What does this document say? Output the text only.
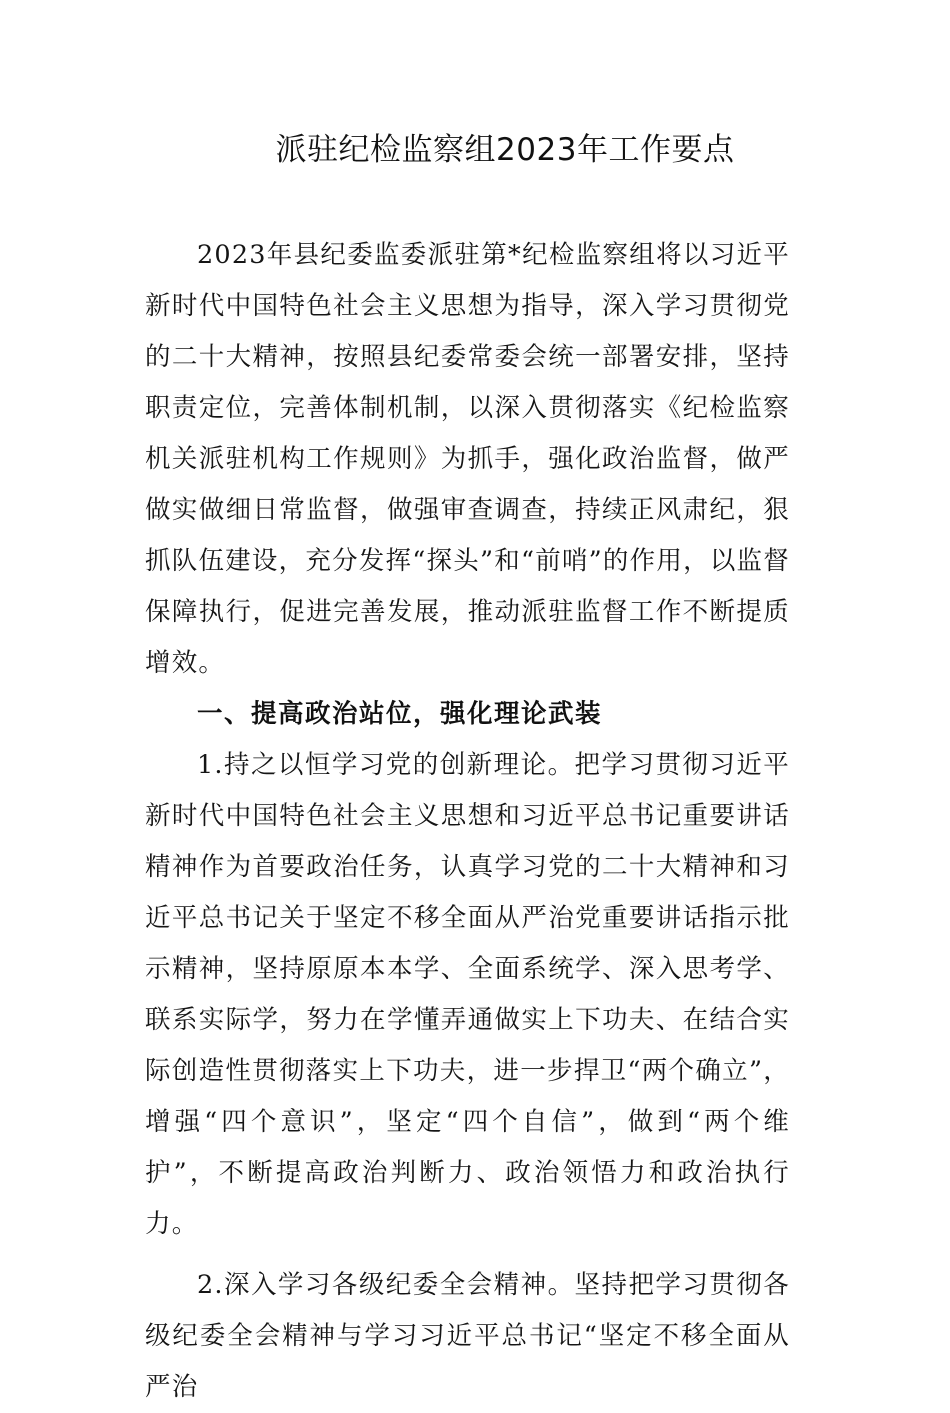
派驻纪检监察组2023年工作要点

2023年县纪委监委派驻第*纪检监察组将以习近平新时代中国特色社会主义思想为指导，深入学习贯彻党的二十大精神，按照县纪委常委会统一部署安排，坚持职责定位，完善体制机制，以深入贯彻落实《纪检监察机关派驻机构工作规则》为抓手，强化政治监督，做严做实做细日常监督，做强审查调查，持续正风肃纪，狠抓队伍建设，充分发挥“探头”和“前哨”的作用，以监督保障执行，促进完善发展，推动派驻监督工作不断提质增效。

一、提高政治站位，强化理论武装

1.持之以恒学习党的创新理论。把学习贯彻习近平新时代中国特色社会主义思想和习近平总书记重要讲话精神作为首要政治任务，认真学习党的二十大精神和习近平总书记关于坚定不移全面从严治党重要讲话指示批示精神，坚持原原本本学、全面系统学、深入思考学、联系实际学，努力在学懂弄通做实上下功夫、在结合实际创造性贯彻落实上下功夫，进一步捍卫“两个确立”，增强“四个意识”，坚定“四个自信”，做到“两个维护”，不断提高政治判断力、政治领悟力和政治执行力。

2.深入学习各级纪委全会精神。坚持把学习贯彻各级纪委全会精神与学习习近平总书记“坚定不移全面从严治
